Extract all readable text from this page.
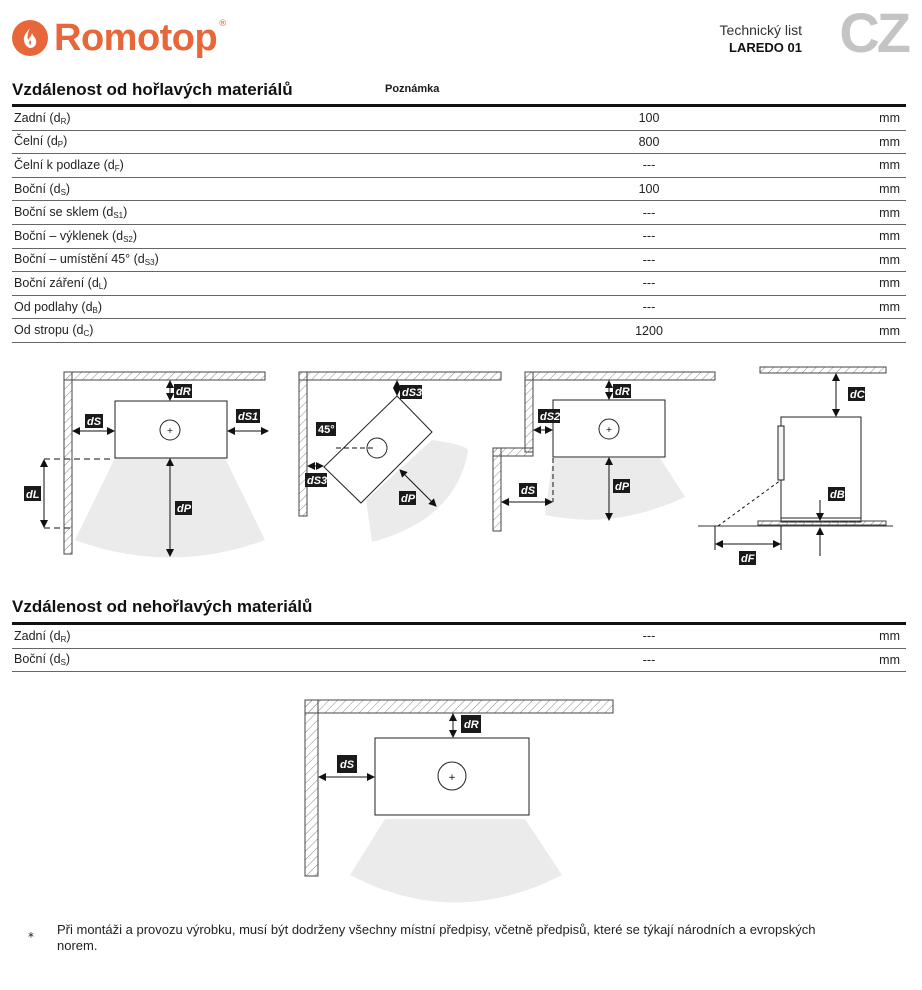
Romotop ®	Technický list
LAREDO 01 CZ
Vzdálenost od hořlavých materiálů	Poznámka
Zadní $(d_R)$	100	mm
Čelní $(d_P)$	800	mm
Čelní k podlaze $(d_F)$	---	mm
Boční $(d_S)$	100	mm
Boční se sklem $(d_{S1})$	---	mm
Boční – výklenek $(d_{S2})$	---	mm
Boční – umístění 45° $(d_{S3})$	---	mm
Boční záření $(d_L)$	---	mm
Od podlahy $(d_B)$	---	mm
Od stropu $(d_C)$	1200	mm
+	+
dR
dS	dS1
dL
dP
dS3
45°
dS3
dP
dR
dS2
dS	dP
dC
dB
dF
Vzdálenost od nehořlavých materiálů
Zadní $(d_R)$	---	mm
Boční $(d_S)$	---	mm
+
dR
dS
* Při montáži a provozu výrobku, musí být dodrženy všechny místní předpisy, včetně předpisů, které se týkají národních a evropských norem.
